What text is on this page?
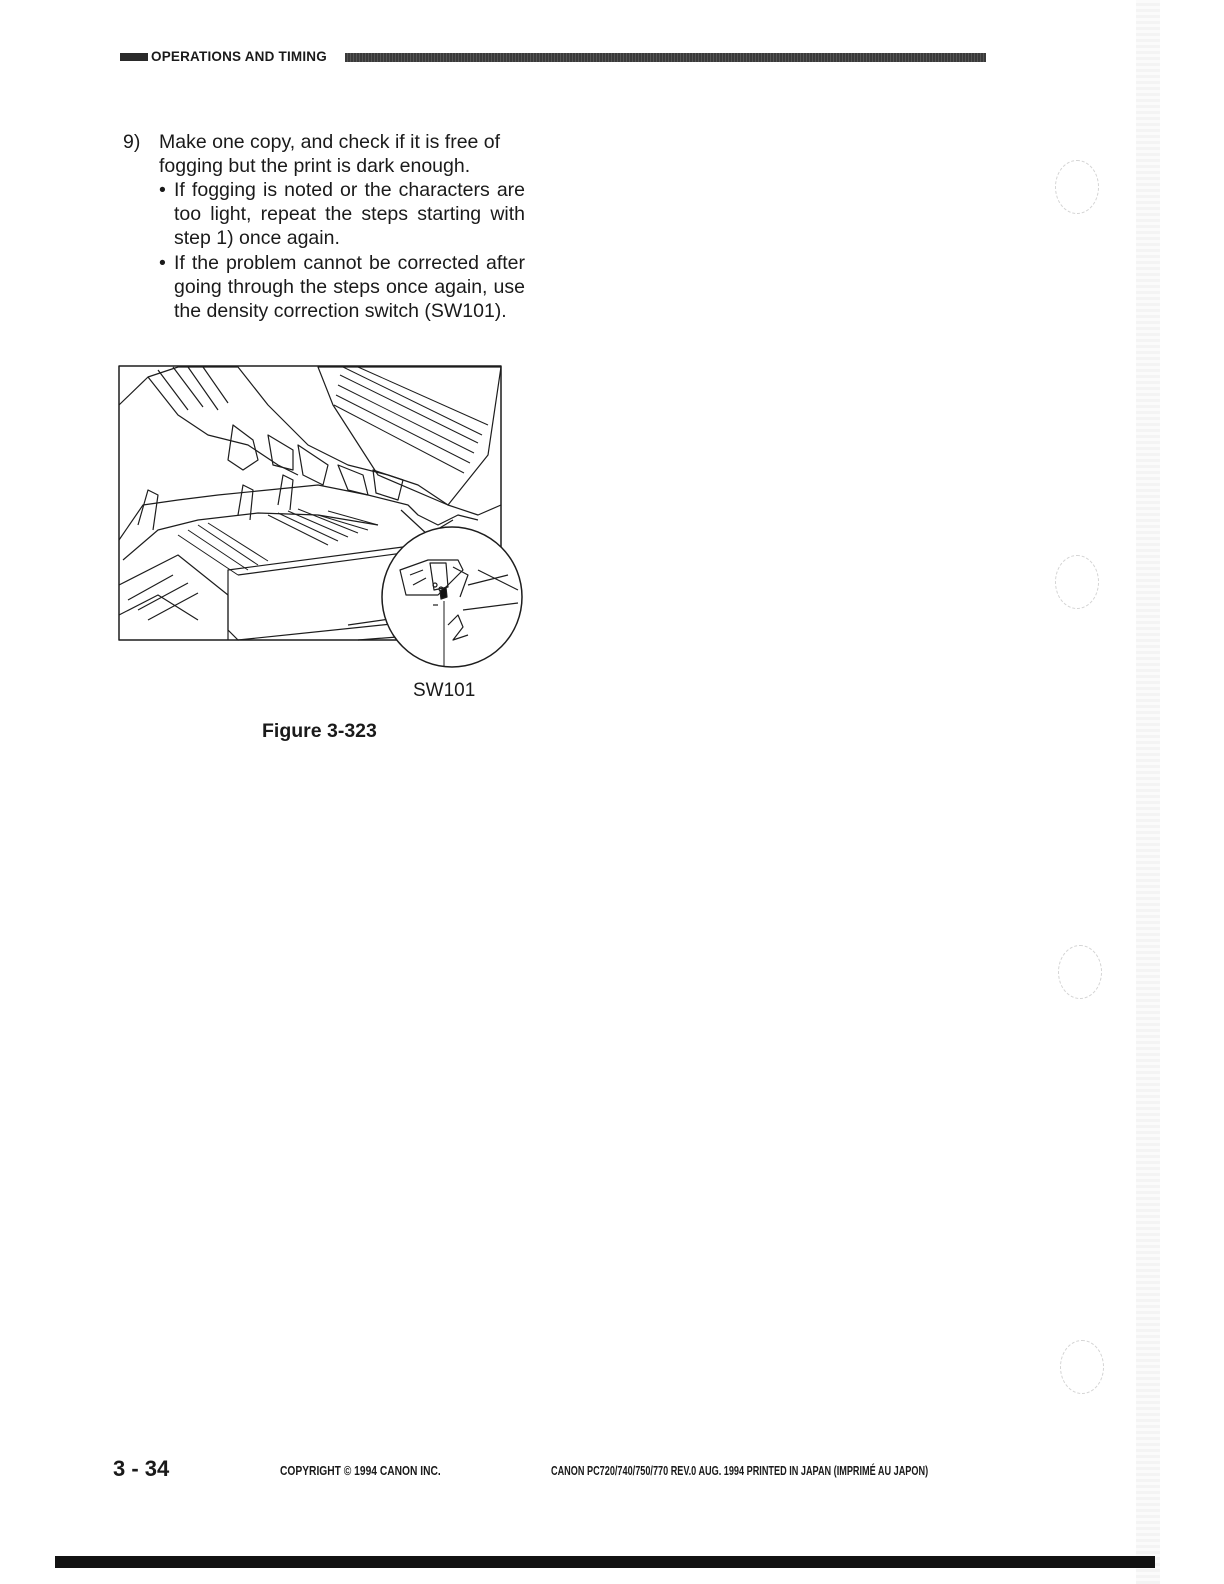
OPERATIONS AND TIMING
9) Make one copy, and check if it is free of fogging but the print is dark enough.

• If fogging is noted or the characters are too light, repeat the steps starting with step 1) once again.

• If the problem cannot be corrected after going through the steps once again, use the density correction switch (SW101).

SW101
Figure 3-323
3 - 34	COPYRIGHT © 1994 CANON INC.	CANON PC720/740/750/770 REV.0 AUG. 1994 PRINTED IN JAPAN (IMPRIMÉ AU JAPON)
